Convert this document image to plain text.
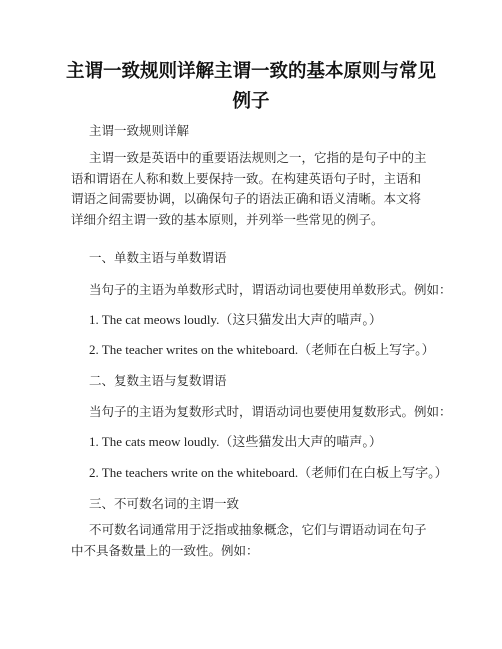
主谓一致规则详解主谓一致的基本原则与常见例子

主谓一致规则详解

主谓一致是英语中的重要语法规则之一，它指的是句子中的主语和谓语在人称和数上要保持一致。在构建英语句子时，主语和谓语之间需要协调，以确保句子的语法正确和语义清晰。本文将详细介绍主谓一致的基本原则，并列举一些常见的例子。

一、单数主语与单数谓语

当句子的主语为单数形式时，谓语动词也要使用单数形式。例如：

1. The cat meows loudly.（这只猫发出大声的喵声。）

2. The teacher writes on the whiteboard.（老师在白板上写字。）

二、复数主语与复数谓语

当句子的主语为复数形式时，谓语动词也要使用复数形式。例如：

1. The cats meow loudly.（这些猫发出大声的喵声。）

2. The teachers write on the whiteboard.（老师们在白板上写字。）

三、不可数名词的主谓一致

不可数名词通常用于泛指或抽象概念，它们与谓语动词在句子中不具备数量上的一致性。例如：
